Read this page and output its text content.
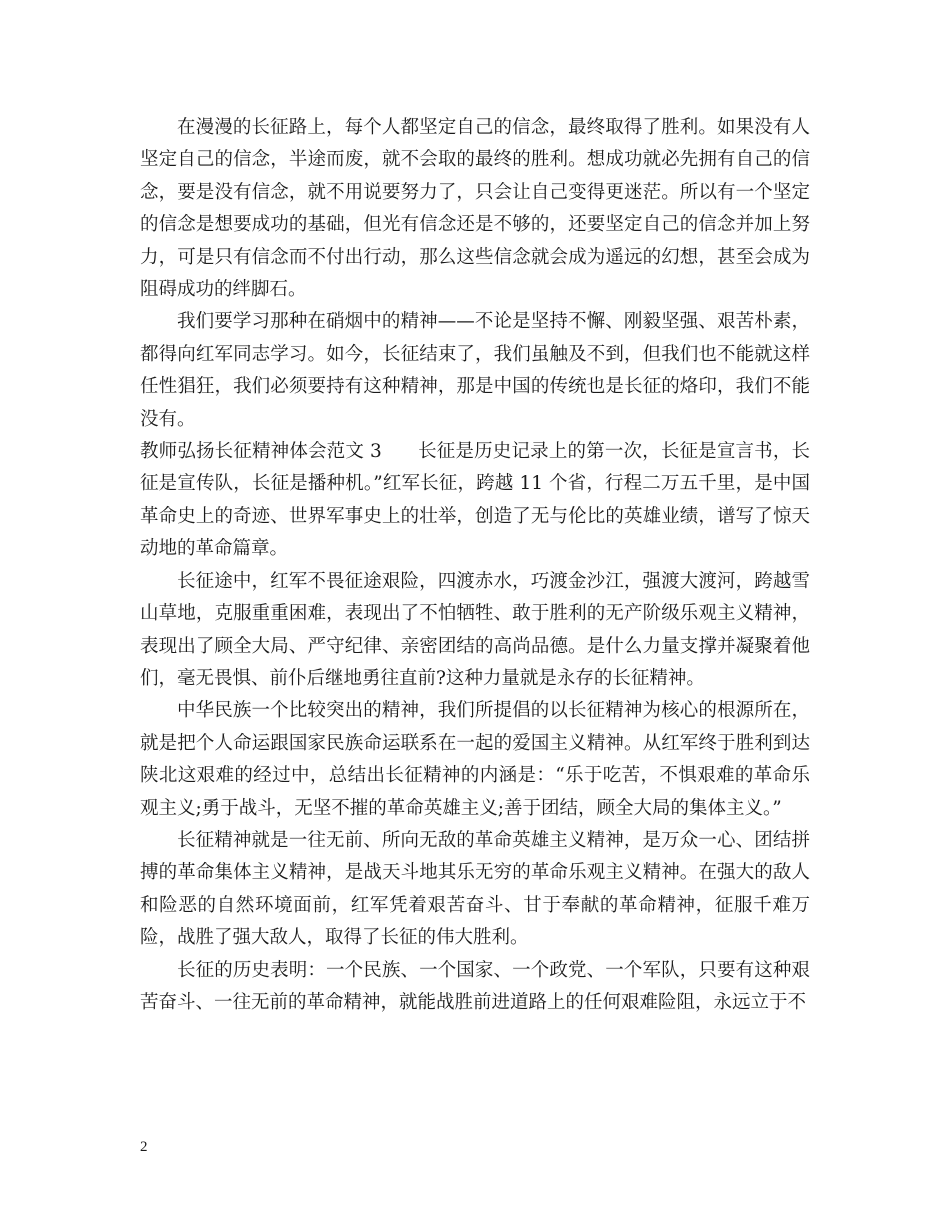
在漫漫的长征路上，每个人都坚定自己的信念，最终取得了胜利。如果没有人坚定自己的信念，半途而废，就不会取的最终的胜利。想成功就必先拥有自己的信念，要是没有信念，就不用说要努力了，只会让自己变得更迷茫。所以有一个坚定的信念是想要成功的基础，但光有信念还是不够的，还要坚定自己的信念并加上努力，可是只有信念而不付出行动，那么这些信念就会成为遥远的幻想，甚至会成为阻碍成功的绊脚石。

我们要学习那种在硝烟中的精神——不论是坚持不懈、刚毅坚强、艰苦朴素，都得向红军同志学习。如今，长征结束了，我们虽触及不到，但我们也不能就这样任性猖狂，我们必须要持有这种精神，那是中国的传统也是长征的烙印，我们不能没有。

教师弘扬长征精神体会范文 3 长征是历史记录上的第一次，长征是宣言书，长征是宣传队，长征是播种机。”红军长征，跨越 11 个省，行程二万五千里，是中国革命史上的奇迹、世界军事史上的壮举，创造了无与伦比的英雄业绩，谱写了惊天动地的革命篇章。

长征途中，红军不畏征途艰险，四渡赤水，巧渡金沙江，强渡大渡河，跨越雪山草地，克服重重困难，表现出了不怕牺牲、敢于胜利的无产阶级乐观主义精神，表现出了顾全大局、严守纪律、亲密团结的高尚品德。是什么力量支撑并凝聚着他们，毫无畏惧、前仆后继地勇往直前?这种力量就是永存的长征精神。

中华民族一个比较突出的精神，我们所提倡的以长征精神为核心的根源所在，就是把个人命运跟国家民族命运联系在一起的爱国主义精神。从红军终于胜利到达陕北这艰难的经过中，总结出长征精神的内涵是：“乐于吃苦，不惧艰难的革命乐观主义;勇于战斗，无坚不摧的革命英雄主义;善于团结，顾全大局的集体主义。”

长征精神就是一往无前、所向无敌的革命英雄主义精神，是万众一心、团结拼搏的革命集体主义精神，是战天斗地其乐无穷的革命乐观主义精神。在强大的敌人和险恶的自然环境面前，红军凭着艰苦奋斗、甘于奉献的革命精神，征服千难万险，战胜了强大敌人，取得了长征的伟大胜利。

长征的历史表明：一个民族、一个国家、一个政党、一个军队，只要有这种艰苦奋斗、一往无前的革命精神，就能战胜前进道路上的任何艰难险阻，永远立于不

2
